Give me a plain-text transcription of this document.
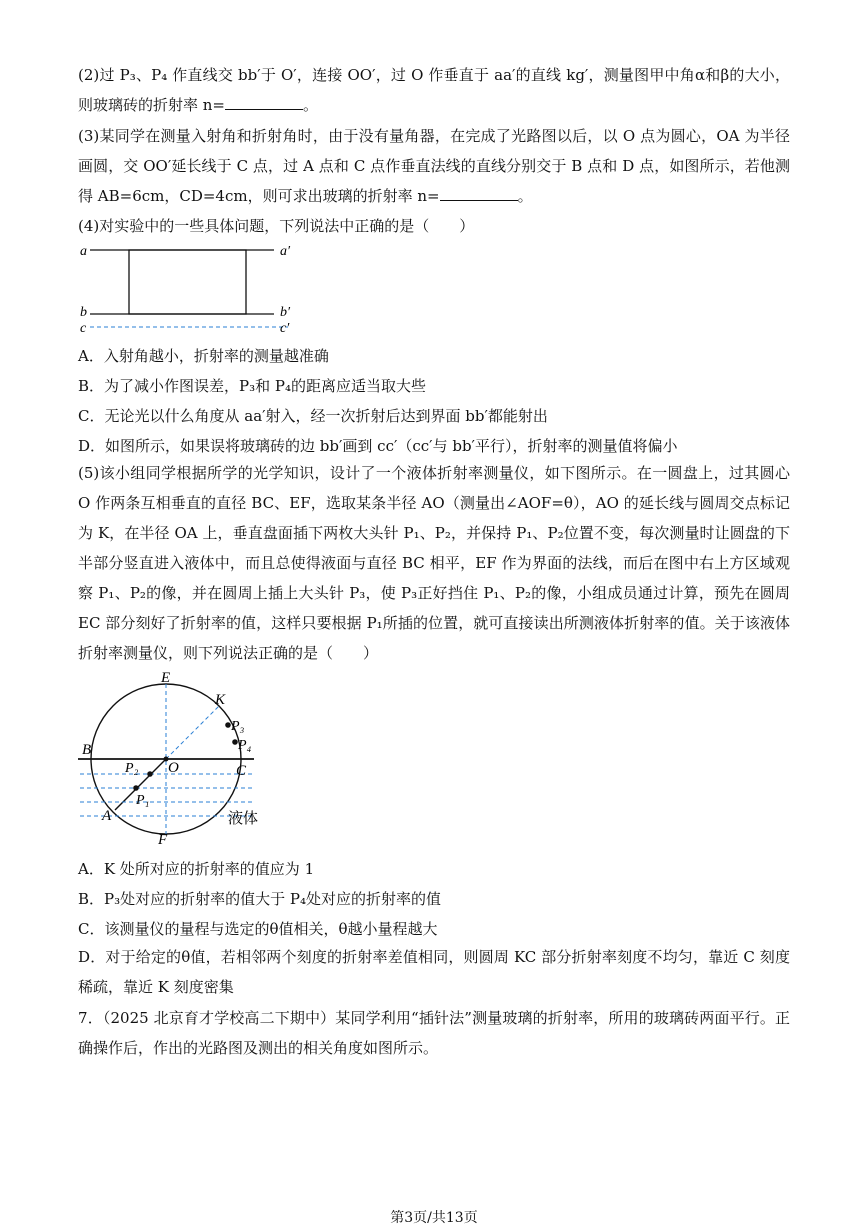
(2)过 P₃、P₄ 作直线交 bb′于 O′，连接 OO′，过 O 作垂直于 aa′的直线 kg′，测量图甲中角α和β的大小，则玻璃砖的折射率 n=	。

(3)某同学在测量入射角和折射角时，由于没有量角器，在完成了光路图以后，以 O 点为圆心，OA 为半径画圆，交 OO′延长线于 C 点，过 A 点和 C 点作垂直法线的直线分别交于 B 点和 D 点，如图所示，若他测得 AB=6cm，CD=4cm，则可求出玻璃的折射率 n=	。

(4)对实验中的一些具体问题，下列说法中正确的是（　　）
a	a′
b	b′
c	c′
A．入射角越小，折射率的测量越准确
B．为了减小作图误差，P₃和 P₄的距离应适当取大些
C．无论光以什么角度从 aa′射入，经一次折射后达到界面 bb′都能射出
D．如图所示，如果误将玻璃砖的边 bb′画到 cc′（cc′与 bb′平行），折射率的测量值将偏小

(5)该小组同学根据所学的光学知识，设计了一个液体折射率测量仪，如下图所示。在一圆盘上，过其圆心 O 作两条互相垂直的直径 BC、EF，选取某条半径 AO（测量出∠AOF=θ），AO 的延长线与圆周交点标记为 K，在半径 OA 上，垂直盘面插下两枚大头针 P₁、P₂，并保持 P₁、P₂位置不变，每次测量时让圆盘的下半部分竖直进入液体中，而且总使得液面与直径 BC 相平，EF 作为界面的法线，而后在图中右上方区域观察 P₁、P₂的像，并在圆周上插上大头针 P₃，使 P₃正好挡住 P₁、P₂的像，小组成员通过计算，预先在圆周 EC 部分刻好了折射率的值，这样只要根据 P₁所插的位置，就可直接读出所测液体折射率的值。关于该液体折射率测量仪，则下列说法正确的是（　　）

E
K
P₃
P₄
B
O	C
P₂
P₁
A
F
液体
A．K 处所对应的折射率的值应为 1
B．P₃处对应的折射率的值大于 P₄处对应的折射率的值
C．该测量仪的量程与选定的θ值相关，θ越小量程越大

D．对于给定的θ值，若相邻两个刻度的折射率差值相同，则圆周 KC 部分折射率刻度不均匀，靠近 C 刻度稀疏，靠近 K 刻度密集

7．（2025 北京育才学校高二下期中）某同学利用“插针法”测量玻璃的折射率，所用的玻璃砖两面平行。正确操作后，作出的光路图及测出的相关角度如图所示。

第3页/共13页
